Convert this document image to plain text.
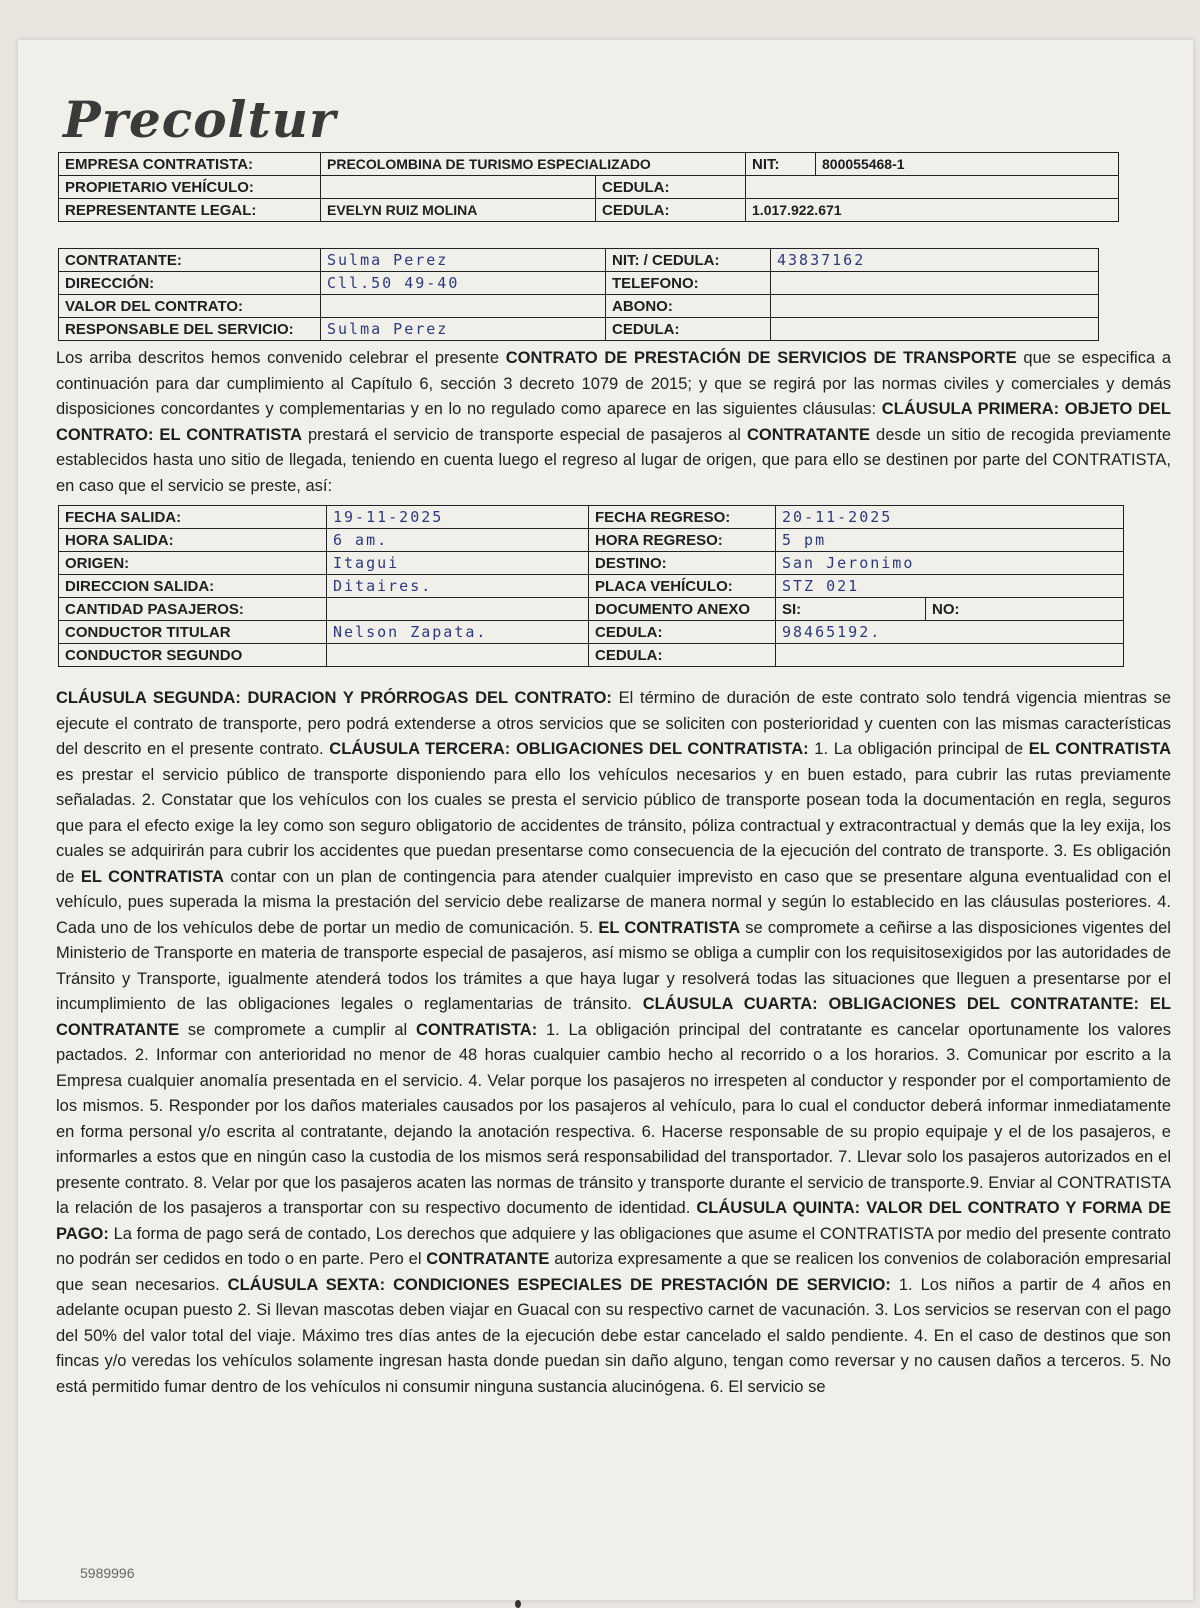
Precoltur
EMPRESA CONTRATISTA:	PRECOLOMBINA DE TURISMO ESPECIALIZADO		NIT:	800055468-1
PROPIETARIO VEHÍCULO:		CEDULA:		
REPRESENTANTE LEGAL:	EVELYN RUIZ MOLINA	CEDULA:	1.017.922.671	
CONTRATANTE:	Sulma Perez	NIT: / CEDULA:	43837162
DIRECCIÓN:	Cll.50 49-40	TELEFONO:	
VALOR DEL CONTRATO:		ABONO:	
RESPONSABLE DEL SERVICIO:	Sulma Perez	CEDULA:	
Los arriba descritos hemos convenido celebrar el presente CONTRATO DE PRESTACIÓN DE SERVICIOS DE TRANSPORTE que se especifica a continuación para dar cumplimiento al Capítulo 6, sección 3 decreto 1079 de 2015; y que se regirá por las normas civiles y comerciales y demás disposiciones concordantes y complementarias y en lo no regulado como aparece en las siguientes cláusulas: CLÁUSULA PRIMERA: OBJETO DEL CONTRATO: EL CONTRATISTA prestará el servicio de transporte especial de pasajeros al CONTRATANTE desde un sitio de recogida previamente establecidos hasta uno sitio de llegada, teniendo en cuenta luego el regreso al lugar de origen, que para ello se destinen por parte del CONTRATISTA, en caso que el servicio se preste, así:
FECHA SALIDA:	19-11-2025	FECHA REGRESO:	20-11-2025	
HORA SALIDA:	6 am.	HORA REGRESO:	5 pm	
ORIGEN:	Itagui	DESTINO:	San Jeronimo	
DIRECCION SALIDA:	Ditaires.	PLACA VEHÍCULO:	STZ 021	
CANTIDAD PASAJEROS:		DOCUMENTO ANEXO	SI:	NO:
CONDUCTOR TITULAR	Nelson Zapata.	CEDULA:	98465192.	
CONDUCTOR SEGUNDO		CEDULA:		
CLÁUSULA SEGUNDA: DURACION Y PRÓRROGAS DEL CONTRATO: El término de duración de este contrato solo tendrá vigencia mientras se ejecute el contrato de transporte, pero podrá extenderse a otros servicios que se soliciten con posterioridad y cuenten con las mismas características del descrito en el presente contrato. CLÁUSULA TERCERA: OBLIGACIONES DEL CONTRATISTA: 1. La obligación principal de EL CONTRATISTA es prestar el servicio público de transporte disponiendo para ello los vehículos necesarios y en buen estado, para cubrir las rutas previamente señaladas. 2. Constatar que los vehículos con los cuales se presta el servicio público de transporte posean toda la documentación en regla, seguros que para el efecto exige la ley como son seguro obligatorio de accidentes de tránsito, póliza contractual y extracontractual y demás que la ley exija, los cuales se adquirirán para cubrir los accidentes que puedan presentarse como consecuencia de la ejecución del contrato de transporte. 3. Es obligación de EL CONTRATISTA contar con un plan de contingencia para atender cualquier imprevisto en caso que se presentare alguna eventualidad con el vehículo, pues superada la misma la prestación del servicio debe realizarse de manera normal y según lo establecido en las cláusulas posteriores. 4. Cada uno de los vehículos debe de portar un medio de comunicación. 5. EL CONTRATISTA se compromete a ceñirse a las disposiciones vigentes del Ministerio de Transporte en materia de transporte especial de pasajeros, así mismo se obliga a cumplir con los requisitosexigidos por las autoridades de Tránsito y Transporte, igualmente atenderá todos los trámites a que haya lugar y resolverá todas las situaciones que lleguen a presentarse por el incumplimiento de las obligaciones legales o reglamentarias de tránsito. CLÁUSULA CUARTA: OBLIGACIONES DEL CONTRATANTE: EL CONTRATANTE se compromete a cumplir al CONTRATISTA: 1. La obligación principal del contratante es cancelar oportunamente los valores pactados. 2. Informar con anterioridad no menor de 48 horas cualquier cambio hecho al recorrido o a los horarios. 3. Comunicar por escrito a la Empresa cualquier anomalía presentada en el servicio. 4. Velar porque los pasajeros no irrespeten al conductor y responder por el comportamiento de los mismos. 5. Responder por los daños materiales causados por los pasajeros al vehículo, para lo cual el conductor deberá informar inmediatamente en forma personal y/o escrita al contratante, dejando la anotación respectiva. 6. Hacerse responsable de su propio equipaje y el de los pasajeros, e informarles a estos que en ningún caso la custodia de los mismos será responsabilidad del transportador. 7. Llevar solo los pasajeros autorizados en el presente contrato. 8. Velar por que los pasajeros acaten las normas de tránsito y transporte durante el servicio de transporte.9. Enviar al CONTRATISTA la relación de los pasajeros a transportar con su respectivo documento de identidad. CLÁUSULA QUINTA: VALOR DEL CONTRATO Y FORMA DE PAGO: La forma de pago será de contado, Los derechos que adquiere y las obligaciones que asume el CONTRATISTA por medio del presente contrato no podrán ser cedidos en todo o en parte. Pero el CONTRATANTE autoriza expresamente a que se realicen los convenios de colaboración empresarial que sean necesarios. CLÁUSULA SEXTA: CONDICIONES ESPECIALES DE PRESTACIÓN DE SERVICIO: 1. Los niños a partir de 4 años en adelante ocupan puesto 2. Si llevan mascotas deben viajar en Guacal con su respectivo carnet de vacunación. 3. Los servicios se reservan con el pago del 50% del valor total del viaje. Máximo tres días antes de la ejecución debe estar cancelado el saldo pendiente. 4. En el caso de destinos que son fincas y/o veredas los vehículos solamente ingresan hasta donde puedan sin daño alguno, tengan como reversar y no causen daños a terceros. 5. No está permitido fumar dentro de los vehículos ni consumir ninguna sustancia alucinógena. 6. El servicio se
5989996
